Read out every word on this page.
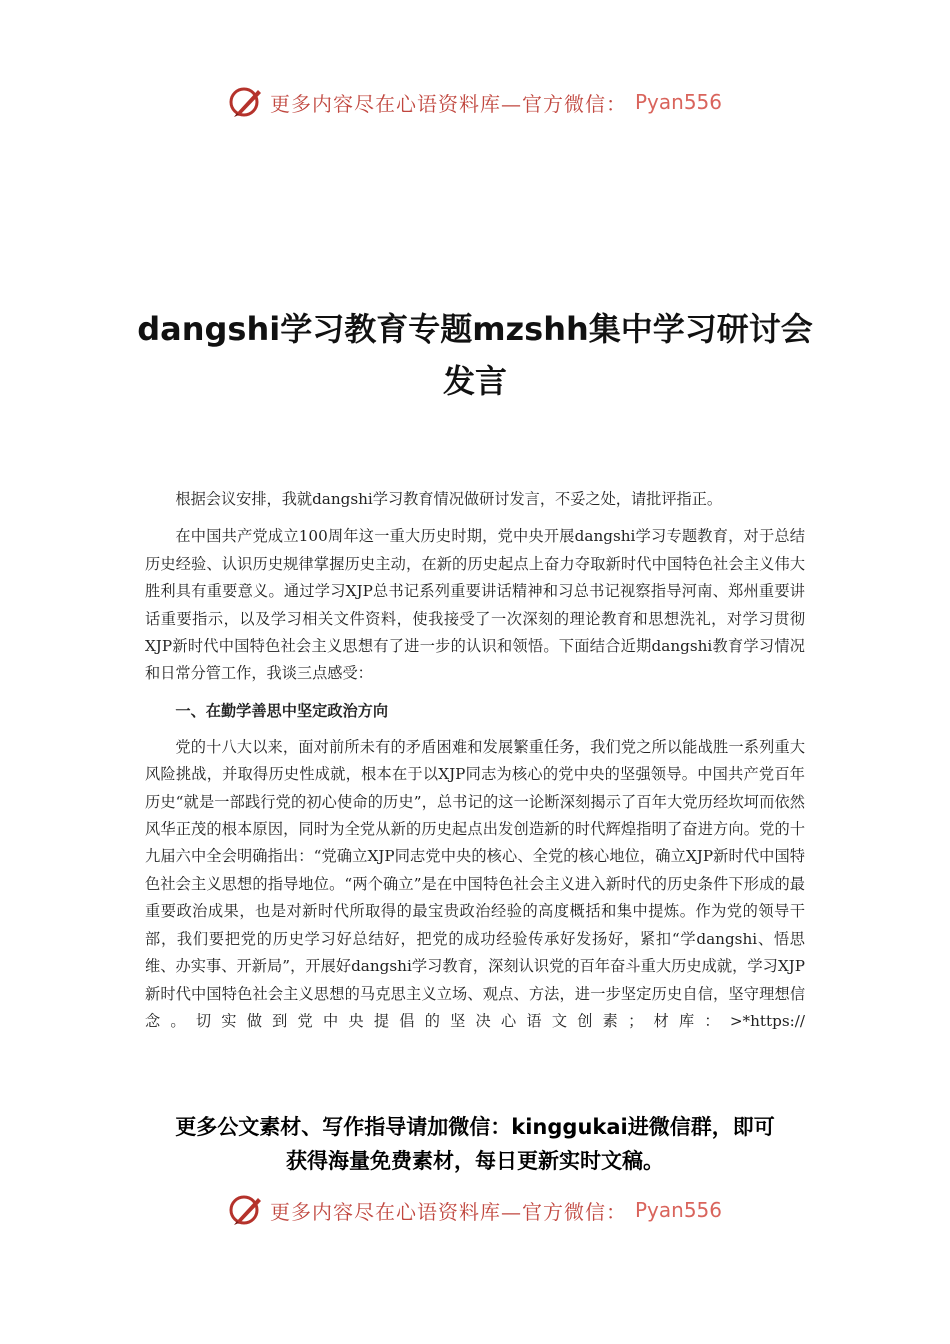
更多内容尽在心语资料库—官方微信： Pyan556
dangshi学习教育专题mzshh集中学习研讨会发言

根据会议安排，我就dangshi学习教育情况做研讨发言，不妥之处，请批评指正。

在中国共产党成立100周年这一重大历史时期，党中央开展dangshi学习专题教育，对于总结历史经验、认识历史规律掌握历史主动，在新的历史起点上奋力夺取新时代中国特色社会主义伟大胜利具有重要意义。通过学习XJP总书记系列重要讲话精神和习总书记视察指导河南、郑州重要讲话重要指示，以及学习相关文件资料，使我接受了一次深刻的理论教育和思想洗礼，对学习贯彻XJP新时代中国特色社会主义思想有了进一步的认识和领悟。下面结合近期dangshi教育学习情况和日常分管工作，我谈三点感受：

一、在勤学善思中坚定政治方向

党的十八大以来，面对前所未有的矛盾困难和发展繁重任务，我们党之所以能战胜一系列重大风险挑战，并取得历史性成就，根本在于以XJP同志为核心的党中央的坚强领导。中国共产党百年历史“就是一部践行党的初心使命的历史”，总书记的这一论断深刻揭示了百年大党历经坎坷而依然风华正茂的根本原因，同时为全党从新的历史起点出发创造新的时代辉煌指明了奋进方向。党的十九届六中全会明确指出：“党确立XJP同志党中央的核心、全党的核心地位，确立XJP新时代中国特色社会主义思想的指导地位。“两个确立”是在中国特色社会主义进入新时代的历史条件下形成的最重要政治成果，也是对新时代所取得的最宝贵政治经验的高度概括和集中提炼。作为党的领导干部，我们要把党的历史学习好总结好，把党的成功经验传承好发扬好，紧扣“学dangshi、悟思维、办实事、开新局”，开展好dangshi学习教育，深刻认识党的百年奋斗重大历史成就，学习XJP新时代中国特色社会主义思想的马克思主义立场、观点、方法，进一步坚定历史自信，坚守理想信念。切实做到党中央提倡的坚决心语文创素；材库：>*https://

更多公文素材、写作指导请加微信：kinggukai进微信群，即可
获得海量免费素材，每日更新实时文稿。
更多内容尽在心语资料库—官方微信： Pyan556
